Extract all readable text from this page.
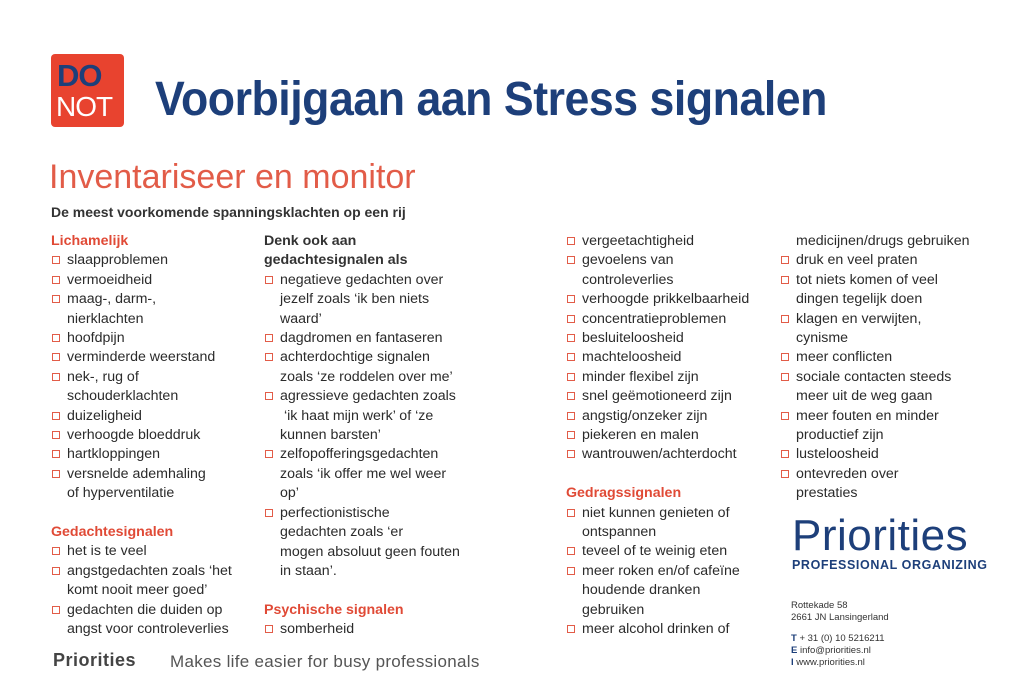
DO
NOT Voorbijgaan aan Stress signalen
Inventariseer en monitor
De meest voorkomende spanningsklachten op een rij
Lichamelijk
slaapproblemen
vermoeidheid
maag-, darm-,
nierklachten
hoofdpijn
verminderde weerstand
nek-, rug of
schouderklachten
duizeligheid
verhoogde bloeddruk
hartkloppingen
versnelde ademhaling
of hyperventilatie
Gedachtesignalen
het is te veel
angstgedachten zoals ‘het
komt nooit meer goed’
gedachten die duiden op
angst voor controleverlies
Denk ook aan
gedachtesignalen als
negatieve gedachten over
jezelf zoals ‘ik ben niets
waard’
dagdromen en fantaseren
achterdochtige signalen
zoals ‘ze roddelen over me’
agressieve gedachten zoals
‘ik haat mijn werk’ of ‘ze
kunnen barsten’
zelfopofferingsgedachten
zoals ‘ik offer me wel weer
op’
perfectionistische
gedachten zoals ‘er
mogen absoluut geen fouten
in staan’.
Psychische signalen
somberheid
vergeetachtigheid
gevoelens van
controleverlies
verhoogde prikkelbaarheid
concentratieproblemen
besluiteloosheid
machteloosheid
minder flexibel zijn
snel geëmotioneerd zijn
angstig/onzeker zijn
piekeren en malen
wantrouwen/achterdocht
Gedragssignalen
niet kunnen genieten of
ontspannen
teveel of te weinig eten
meer roken en/of cafeïne
houdende dranken
gebruiken
meer alcohol drinken of
medicijnen/drugs gebruiken
druk en veel praten
tot niets komen of veel
dingen tegelijk doen
klagen en verwijten,
cynisme
meer conflicten
sociale contacten steeds
meer uit de weg gaan
meer fouten en minder
productief zijn
lusteloosheid
ontevreden over
prestaties
Priorities
PROFESSIONAL ORGANIZING
Rottekade 58
2661 JN Lansingerland
T + 31 (0) 10 5216211
E info@priorities.nl
I www.priorities.nl
Priorities Makes life easier for busy professionals
